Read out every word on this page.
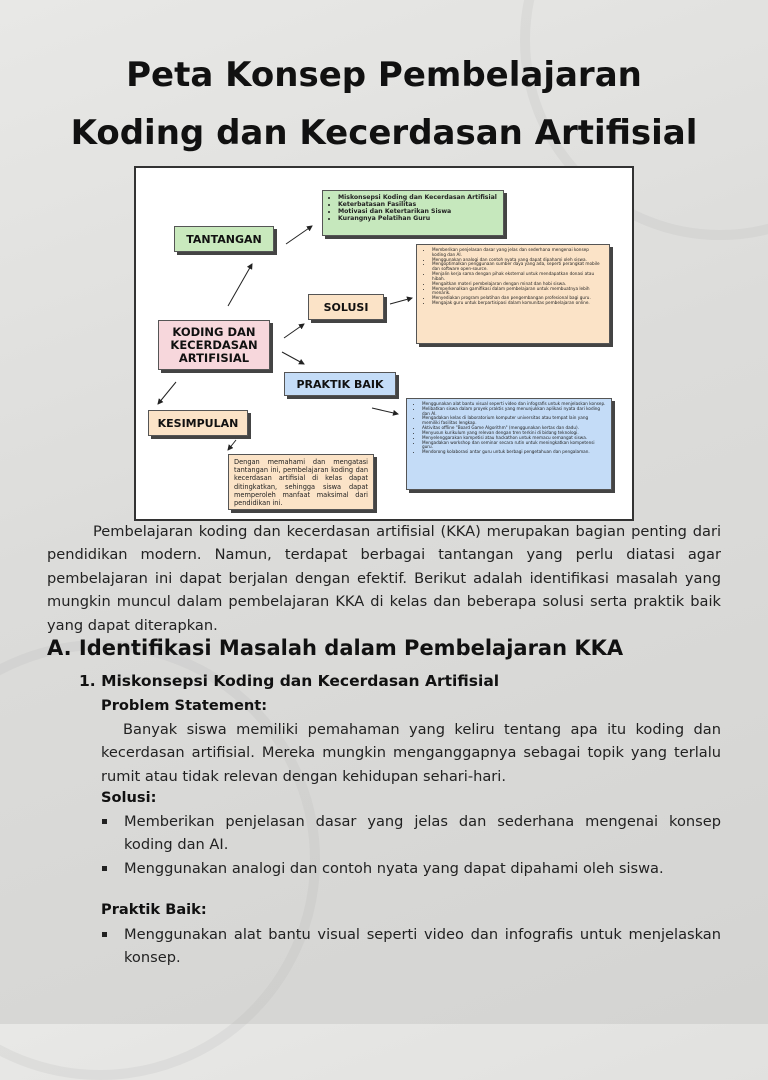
Peta Konsep Pembelajaran
Koding dan Kecerdasan Artifisial
TANTANGAN
KODING DAN
KECERDASAN
ARTIFISIAL
SOLUSI
PRAKTIK BAIK
KESIMPULAN
• Miskonsepsi Koding dan Kecerdasan Artifisial
• Keterbatasan Fasilitas
• Motivasi dan Ketertarikan Siswa
• Kurangnya Pelatihan Guru
• Memberikan penjelasan dasar yang jelas dan sederhana mengenai konsep koding dan AI.
• Menggunakan analogi dan contoh nyata yang dapat dipahami oleh siswa.
• Mengoptimalkan penggunaan sumber daya yang ada, seperti perangkat mobile dan software open-source.
• Menjalin kerja sama dengan pihak eksternal untuk mendapatkan donasi atau hibah.
• Mengaitkan materi pembelajaran dengan minat dan hobi siswa.
• Memperkenalkan gamifikasi dalam pembelajaran untuk membuatnya lebih menarik.
• Menyediakan program pelatihan dan pengembangan profesional bagi guru.
• Mengajak guru untuk berpartisipasi dalam komunitas pembelajaran online.
• Menggunakan alat bantu visual seperti video dan infografis untuk menjelaskan konsep.
• Melibatkan siswa dalam proyek praktis yang menunjukkan aplikasi nyata dari koding dan AI.
• Mengadakan kelas di laboratorium komputer universitas atau tempat lain yang memiliki fasilitas lengkap.
• Aktivitas offline "Board Game Algorithm" (menggunakan kertas dan dadu).
• Menyusun kurikulum yang relevan dengan tren terkini di bidang teknologi.
• Menyelenggarakan kompetisi atau hackathon untuk memacu semangat siswa.
• Mengadakan workshop dan seminar secara rutin untuk meningkatkan kompetensi guru.
• Mendorong kolaborasi antar guru untuk berbagi pengetahuan dan pengalaman.
Dengan memahami dan mengatasi tantangan ini, pembelajaran koding dan kecerdasan artifisial di kelas dapat ditingkatkan, sehingga siswa dapat memperoleh manfaat maksimal dari pendidikan ini.

Pembelajaran koding dan kecerdasan artifisial (KKA) merupakan bagian penting dari pendidikan modern. Namun, terdapat berbagai tantangan yang perlu diatasi agar pembelajaran ini dapat berjalan dengan efektif. Berikut adalah identifikasi masalah yang mungkin muncul dalam pembelajaran KKA di kelas dan beberapa solusi serta praktik baik yang dapat diterapkan.

A. Identifikasi Masalah dalam Pembelajaran KKA
1. Miskonsepsi Koding dan Kecerdasan Artifisial
Problem Statement:

Banyak siswa memiliki pemahaman yang keliru tentang apa itu koding dan kecerdasan artifisial. Mereka mungkin menganggapnya sebagai topik yang terlalu rumit atau tidak relevan dengan kehidupan sehari-hari.

Solusi:
Memberikan penjelasan dasar yang jelas dan sederhana mengenai konsep koding dan AI.
Menggunakan analogi dan contoh nyata yang dapat dipahami oleh siswa.
Praktik Baik:
Menggunakan alat bantu visual seperti video dan infografis untuk menjelaskan konsep.
